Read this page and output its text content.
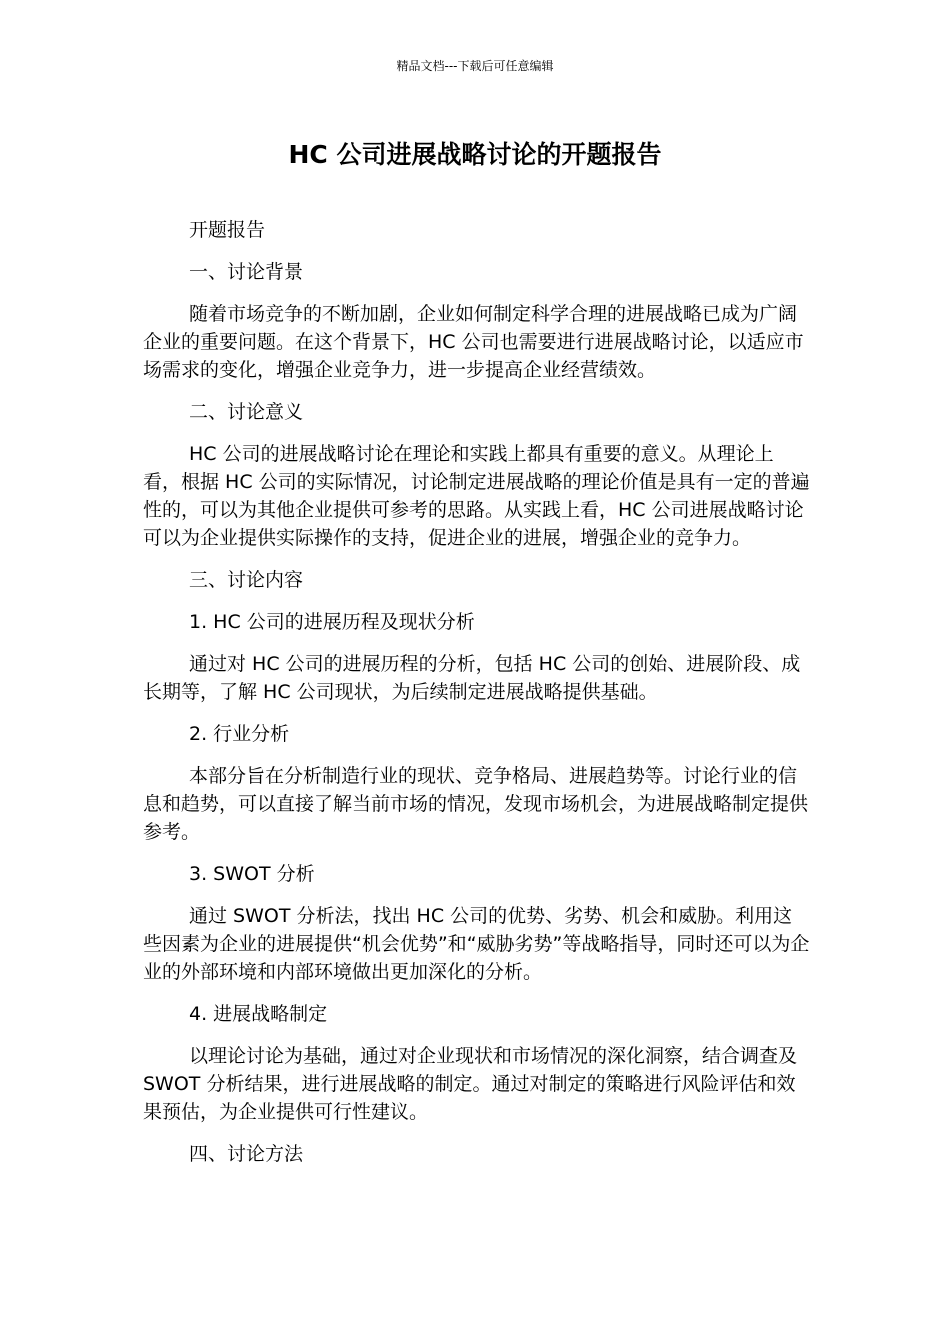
精品文档---下载后可任意编辑
HC 公司进展战略讨论的开题报告
开题报告
一、讨论背景
随着市场竞争的不断加剧，企业如何制定科学合理的进展战略已成为广阔企业的重要问题。在这个背景下，HC 公司也需要进行进展战略讨论，以适应市场需求的变化，增强企业竞争力，进一步提高企业经营绩效。
二、讨论意义
HC 公司的进展战略讨论在理论和实践上都具有重要的意义。从理论上看，根据 HC 公司的实际情况，讨论制定进展战略的理论价值是具有一定的普遍性的，可以为其他企业提供可参考的思路。从实践上看，HC 公司进展战略讨论可以为企业提供实际操作的支持，促进企业的进展，增强企业的竞争力。
三、讨论内容
1. HC 公司的进展历程及现状分析
通过对 HC 公司的进展历程的分析，包括 HC 公司的创始、进展阶段、成长期等，了解 HC 公司现状，为后续制定进展战略提供基础。
2. 行业分析
本部分旨在分析制造行业的现状、竞争格局、进展趋势等。讨论行业的信息和趋势，可以直接了解当前市场的情况，发现市场机会，为进展战略制定提供参考。
3. SWOT 分析
通过 SWOT 分析法，找出 HC 公司的优势、劣势、机会和威胁。利用这些因素为企业的进展提供“机会优势”和“威胁劣势”等战略指导，同时还可以为企业的外部环境和内部环境做出更加深化的分析。
4. 进展战略制定
以理论讨论为基础，通过对企业现状和市场情况的深化洞察，结合调查及 SWOT 分析结果，进行进展战略的制定。通过对制定的策略进行风险评估和效果预估，为企业提供可行性建议。
四、讨论方法
